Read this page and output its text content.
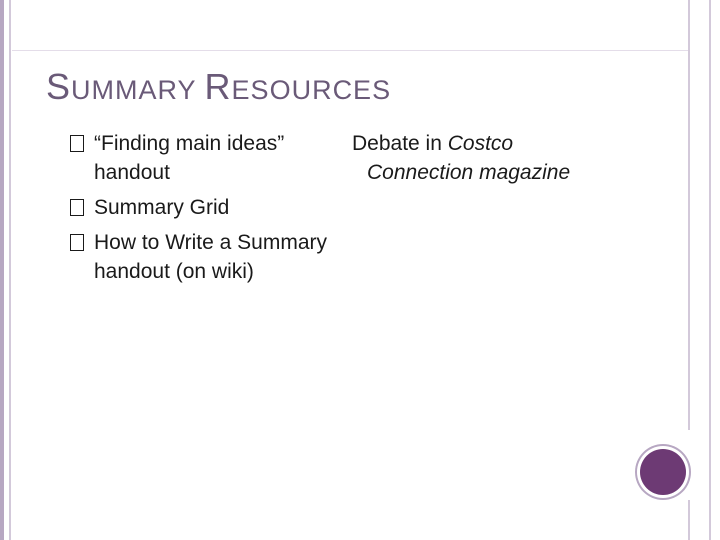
SUMMARY RESOURCES
“Finding main ideas” handout
Summary Grid
How to Write a Summary handout (on wiki)
Debate in Costco
Connection magazine
